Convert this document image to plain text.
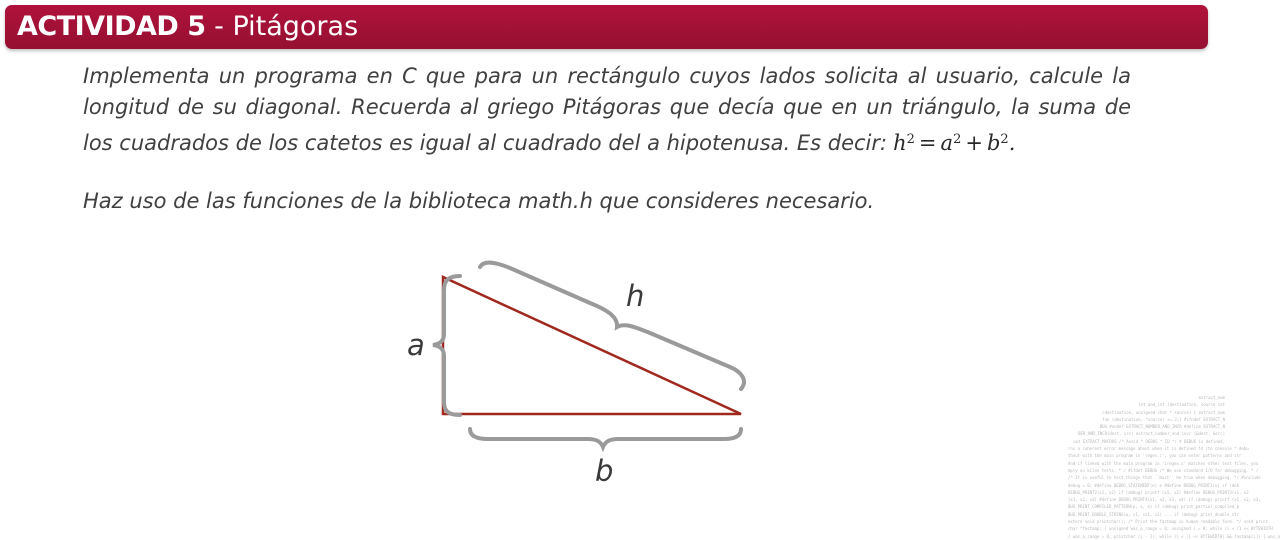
ACTIVIDAD 5 - Pitágoras
Implementa un programa en C que para un rectángulo cuyos lados solicita al usuario, calcule la longitud de su diagonal. Recuerda al griego Pitágoras que decía que en un triángulo, la suma de los cuadrados de los catetos es igual al cuadrado del a hipotenusa. Es decir: $h^2 = a^2 + b^2$.
Haz uso de las funciones de la biblioteca math.h que consideres necesario.
a
b
h
extract_num
int_and_int (destination, source int
/destination, unsigned char * source) { extract_num
fun (destination, *source) += 2;} #ifndef EXTRACT_N
BUG #undef EXTRACT_NUMBER_AND_INCR #define EXTRACT_N
BER_AND_INCR(dest, src) extract_number_and_incr (&dest, &src)
out EXTRACT_MACROS /* Avoid * DEBUG * ID */ # DEBUG is defined,
rns a coherent error message about when it is defined fd (to console * debu
thout with the main program in 'regex.c', you can enter patterns and str
And if linked with the main program in 'iregex.c' matches other text files, you
mply on kilos tests. * / #ifdef DEBUG /* We use standard I/O for debugging. * /
/* It is useful to test things that ``must'' be true when debugging. */ #include
debug = 0; #define DEBUG_STATEMENT(e) e #define DEBUG_PRINT1(x) if (deb
DEBUG_PRINT2(x1, x2) if (debug) printf (x1, x2) #define DEBUG_PRINT3(x1, x2
(x1, x2, x3) #define DEBUG_PRINT4(x1, x2, x3, x4) if (debug) printf (x1, x2, x3,
BUG_PRINT_COMPILED_PATTERN(p, s, e) if (debug) print_partial_compiled_p
BUG_PRINT_DOUBLE_STRING(w, s1, sz1, s2) ... if (debug) print_double_str
extern void printchar(); /* Print the fastmap in human-readable form. */ void print
char *fastmap; { unsigned was_a_range = 0; unsigned i = 0; while (i < (1 << BYTEWIDTH
/ was_a_range = 0; printchar (i - 1); while (i < (1 << BYTEWIDTH) && fastmap[i]) { was_a
